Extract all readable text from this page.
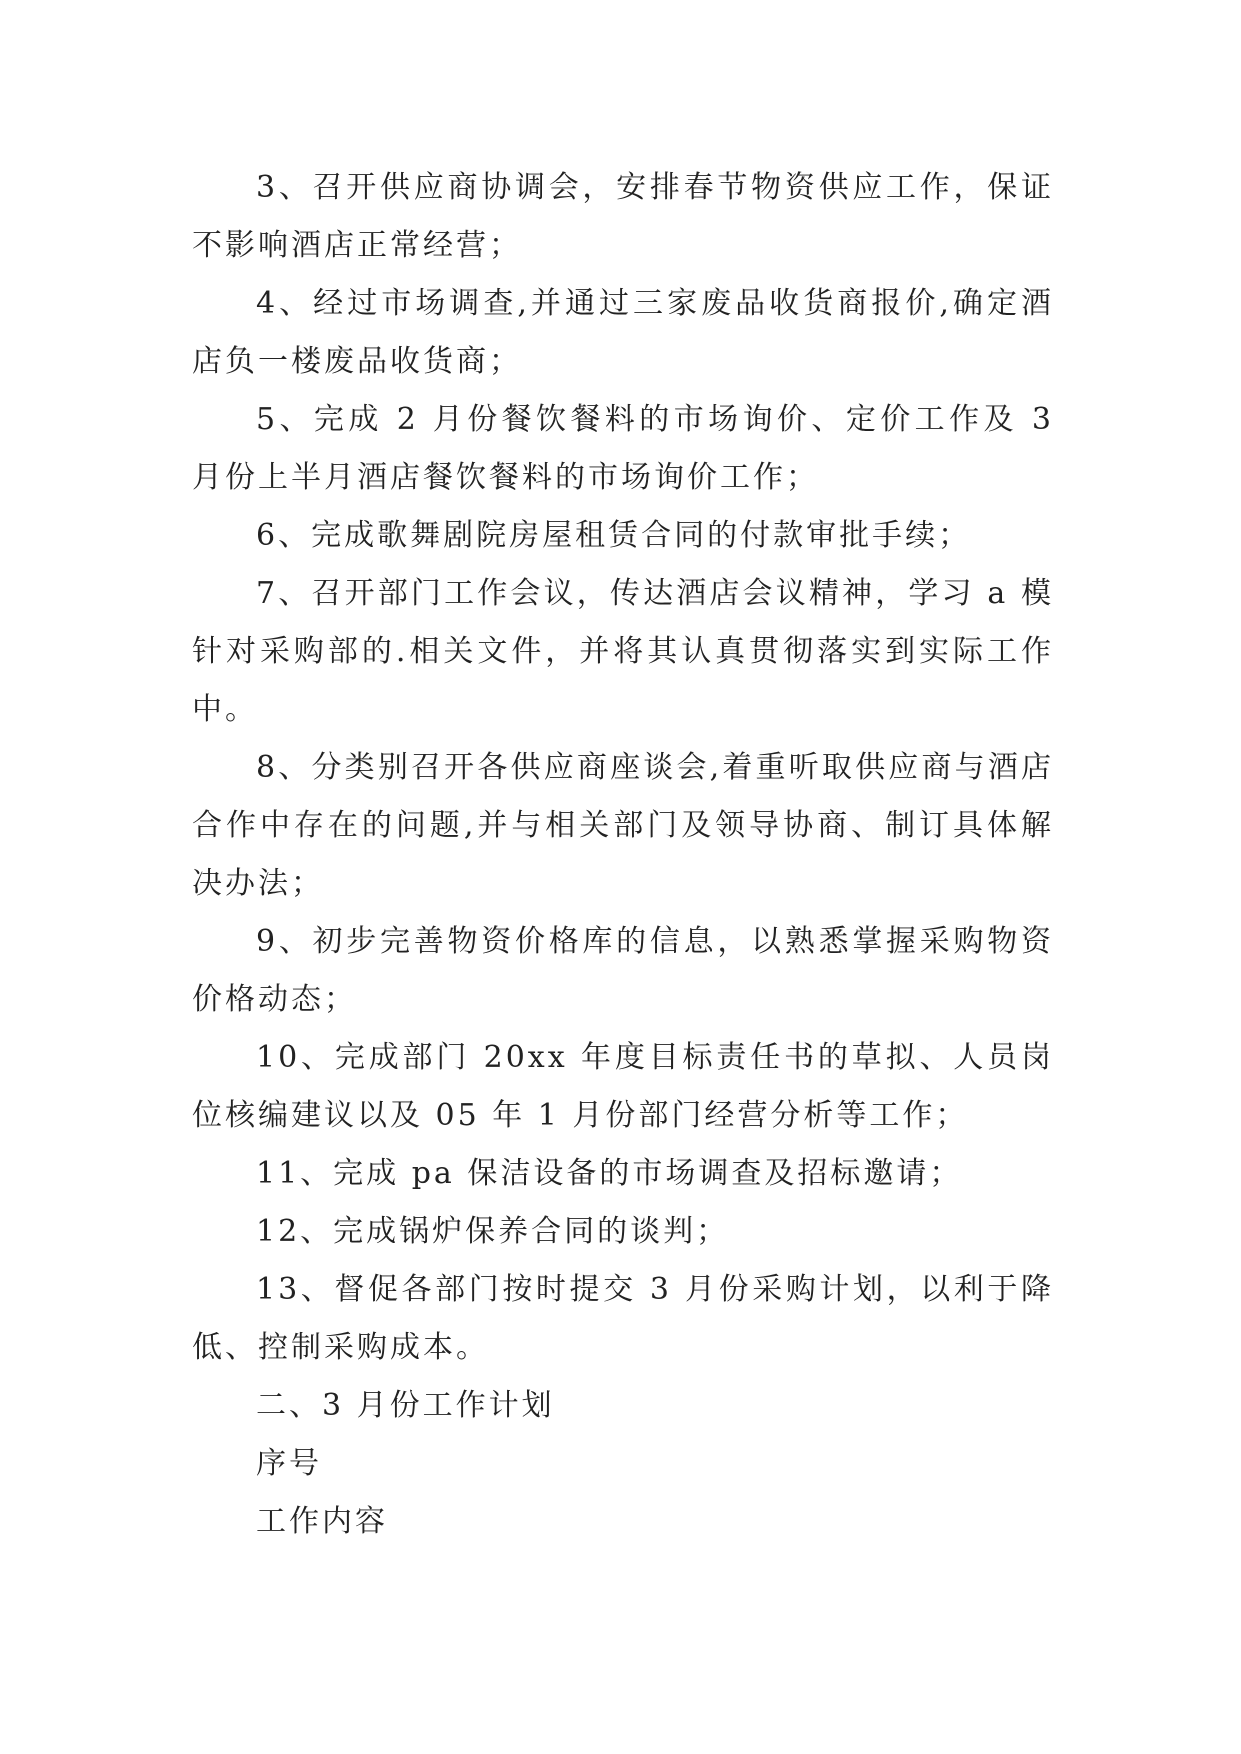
3、召开供应商协调会，安排春节物资供应工作，保证不影响酒店正常经营；

4、经过市场调查,并通过三家废品收货商报价,确定酒店负一楼废品收货商；

5、完成 2 月份餐饮餐料的市场询价、定价工作及 3 月份上半月酒店餐饮餐料的市场询价工作；

6、完成歌舞剧院房屋租赁合同的付款审批手续；

7、召开部门工作会议，传达酒店会议精神，学习 a 模针对采购部的.相关文件，并将其认真贯彻落实到实际工作中。

8、分类别召开各供应商座谈会,着重听取供应商与酒店合作中存在的问题,并与相关部门及领导协商、制订具体解决办法；

9、初步完善物资价格库的信息，以熟悉掌握采购物资价格动态；

10、完成部门 20xx 年度目标责任书的草拟、人员岗位核编建议以及 05 年 1 月份部门经营分析等工作；

11、完成 pa 保洁设备的市场调查及招标邀请；

12、完成锅炉保养合同的谈判；

13、督促各部门按时提交 3 月份采购计划，以利于降低、控制采购成本。

二、3 月份工作计划

序号

工作内容
